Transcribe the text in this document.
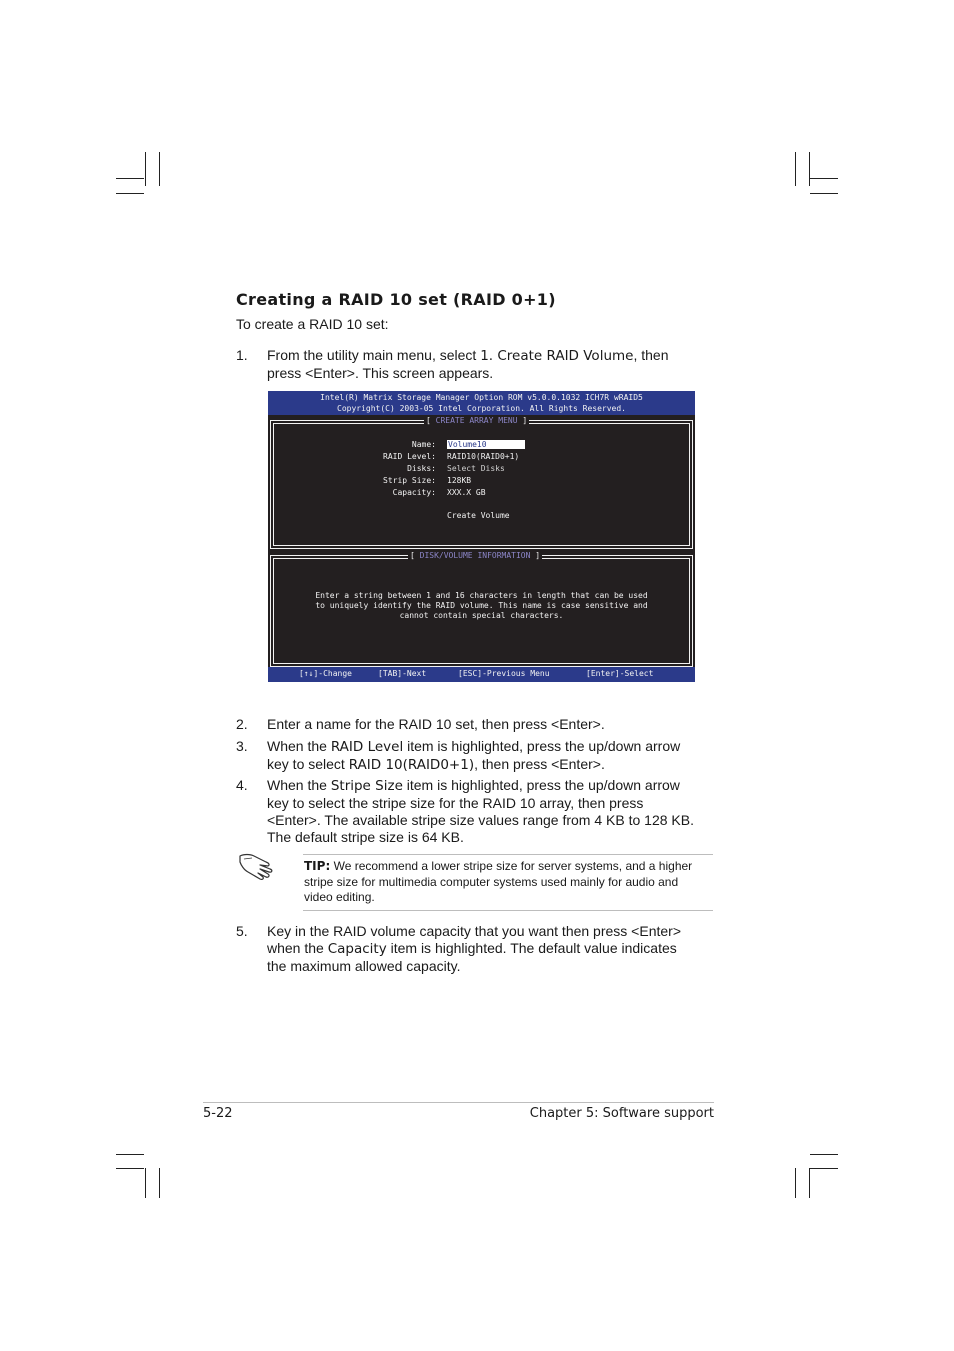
Creating a RAID 10 set (RAID 0+1)
To create a RAID 10 set:
1. From the utility main menu, select 1. Create RAID Volume, then
press <Enter>. This screen appears.
Intel(R) Matrix Storage Manager Option ROM v5.0.0.1032 ICH7R wRAID5
Copyright(C) 2003-05 Intel Corporation. All Rights Reserved.
[ CREATE ARRAY MENU ]
Name: Volume10
RAID Level: RAID10(RAID0+1)
Disks: Select Disks
Strip Size: 128KB
Capacity: XXX.X GB
Create Volume
[ DISK/VOLUME INFORMATION ]
Enter a string between 1 and 16 characters in length that can be used
to uniquely identify the RAID volume. This name is case sensitive and
cannot contain special characters.
[↑↓]-Change	[TAB]-Next	[ESC]-Previous Menu	[Enter]-Select
2. Enter a name for the RAID 10 set, then press <Enter>.
3. When the RAID Level item is highlighted, press the up/down arrow
key to select RAID 10(RAID0+1), then press <Enter>.
4. When the Stripe Size item is highlighted, press the up/down arrow
key to select the stripe size for the RAID 10 array, then press
<Enter>. The available stripe size values range from 4 KB to 128 KB.
The default stripe size is 64 KB.
TIP: We recommend a lower stripe size for server systems, and a higher
stripe size for multimedia computer systems used mainly for audio and
video editing.
5. Key in the RAID volume capacity that you want then press <Enter>
when the Capacity item is highlighted. The default value indicates
the maximum allowed capacity.
5-22	Chapter 5: Software support
